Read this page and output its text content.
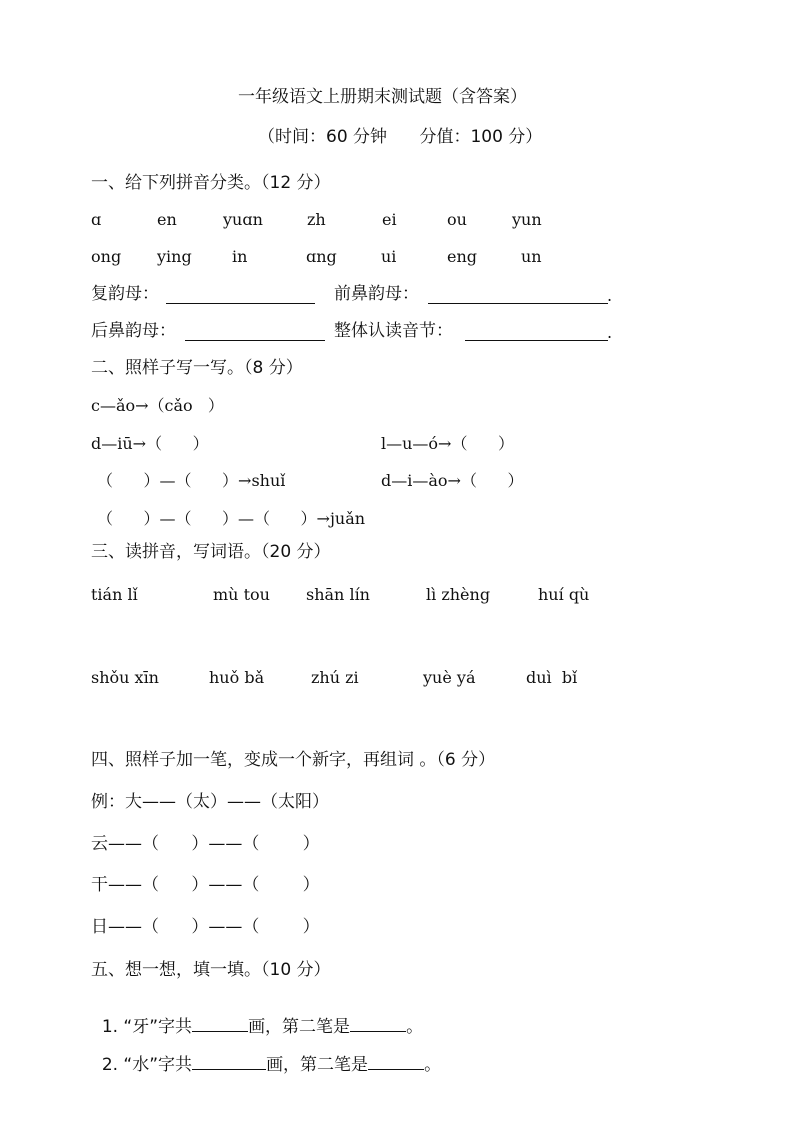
一年级语文上册期末测试题（含答案）
（时间：60 分钟      分值：100 分）
一、给下列拼音分类。（12 分）
ɑ	en	yuɑn	zh	ei	ou	yun
ong ying	in	ɑng	ui	eng	un
复韵母：	前鼻韵母：	.
后鼻韵母：	整体认读音节：	.
二、照样子写一写。（8 分）
c—ǎo→（cǎo   ）
d—iū→（      ）	l—u—ó→（      ）
（      ）—（      ）→shuǐ	d—i—ào→（      ）
（      ）—（      ）—（      ）→juǎn
三、读拼音，写词语。（20 分）
tián lǐ	mù tou shān lín	lì zhèng	huí qù
shǒu xīn	huǒ bǎ	zhú zi	yuè yá	duì  bǐ
四、照样子加一笔，变成一个新字，再组词 。（6 分）
例：大——（太）——（太阳）
云——（      ）——（        ）
干——（      ）——（        ）
日——（      ）——（        ）
五、想一想，填一填。（10 分）

1. “牙”字共	画，第二笔是	。

2. “水”字共	画，第二笔是	。
